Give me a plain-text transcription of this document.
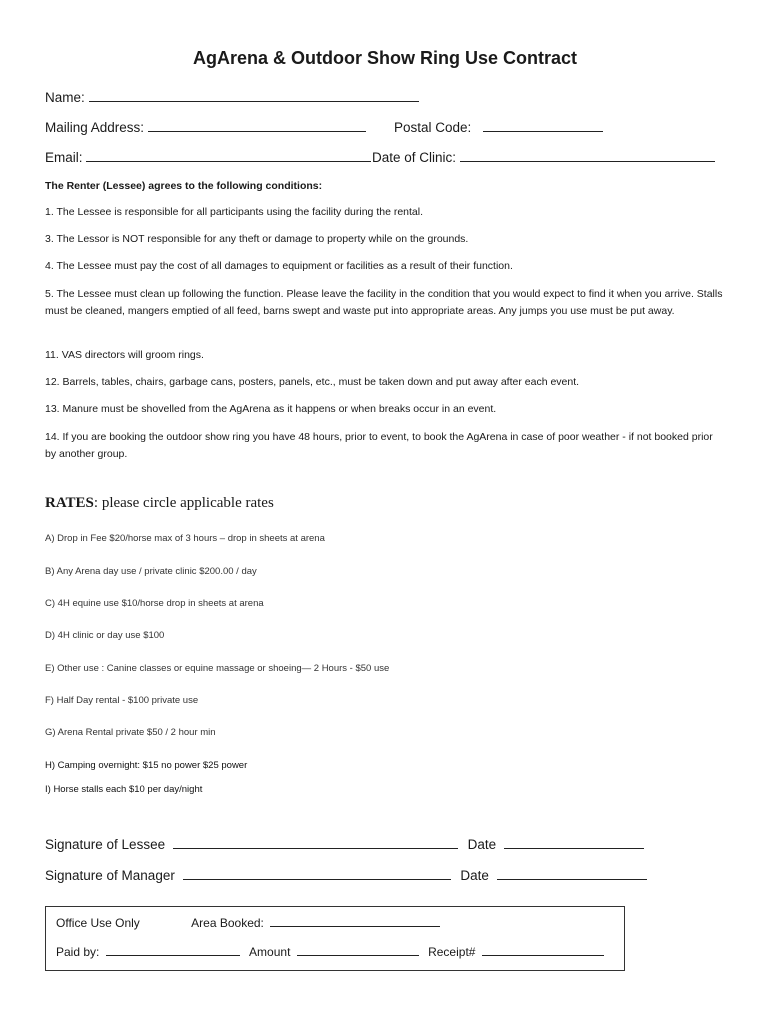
AgArena & Outdoor Show Ring Use Contract
Name:
Mailing Address:	Postal Code:
Email:	Date of Clinic:
The Renter (Lessee) agrees to the following conditions:
1. The Lessee is responsible for all participants using the facility during the rental.
3. The Lessor is NOT responsible for any theft or damage to property while on the grounds.
4. The Lessee must pay the cost of all damages to equipment or facilities as a result of their function.
5. The Lessee must clean up following the function. Please leave the facility in the condition that you would expect to find it when you arrive. Stalls must be cleaned, mangers emptied of all feed, barns swept and waste put into appropriate areas. Any jumps you use must be put away.
11. VAS directors will groom rings.
12. Barrels, tables, chairs, garbage cans, posters, panels, etc., must be taken down and put away after each event.
13. Manure must be shovelled from the AgArena as it happens or when breaks occur in an event.
14. If you are booking the outdoor show ring you have 48 hours, prior to event, to book the AgArena in case of poor weather - if not booked prior by another group.
RATES: please circle applicable rates
A) Drop in Fee $20/horse max of 3 hours – drop in sheets at arena
B) Any Arena day use / private clinic $200.00 / day
C) 4H equine use $10/horse drop in sheets at arena
D) 4H clinic or day use $100
E) Other use : Canine classes or equine massage or shoeing— 2 Hours - $50 use
F) Half Day rental - $100 private use
G) Arena Rental private $50 / 2 hour min
H) Camping overnight: $15 no power $25 power
I) Horse stalls each $10 per day/night
Signature of Lessee	Date
Signature of Manager	Date
Office Use Only	Area Booked:
Paid by:	Amount	Receipt#
